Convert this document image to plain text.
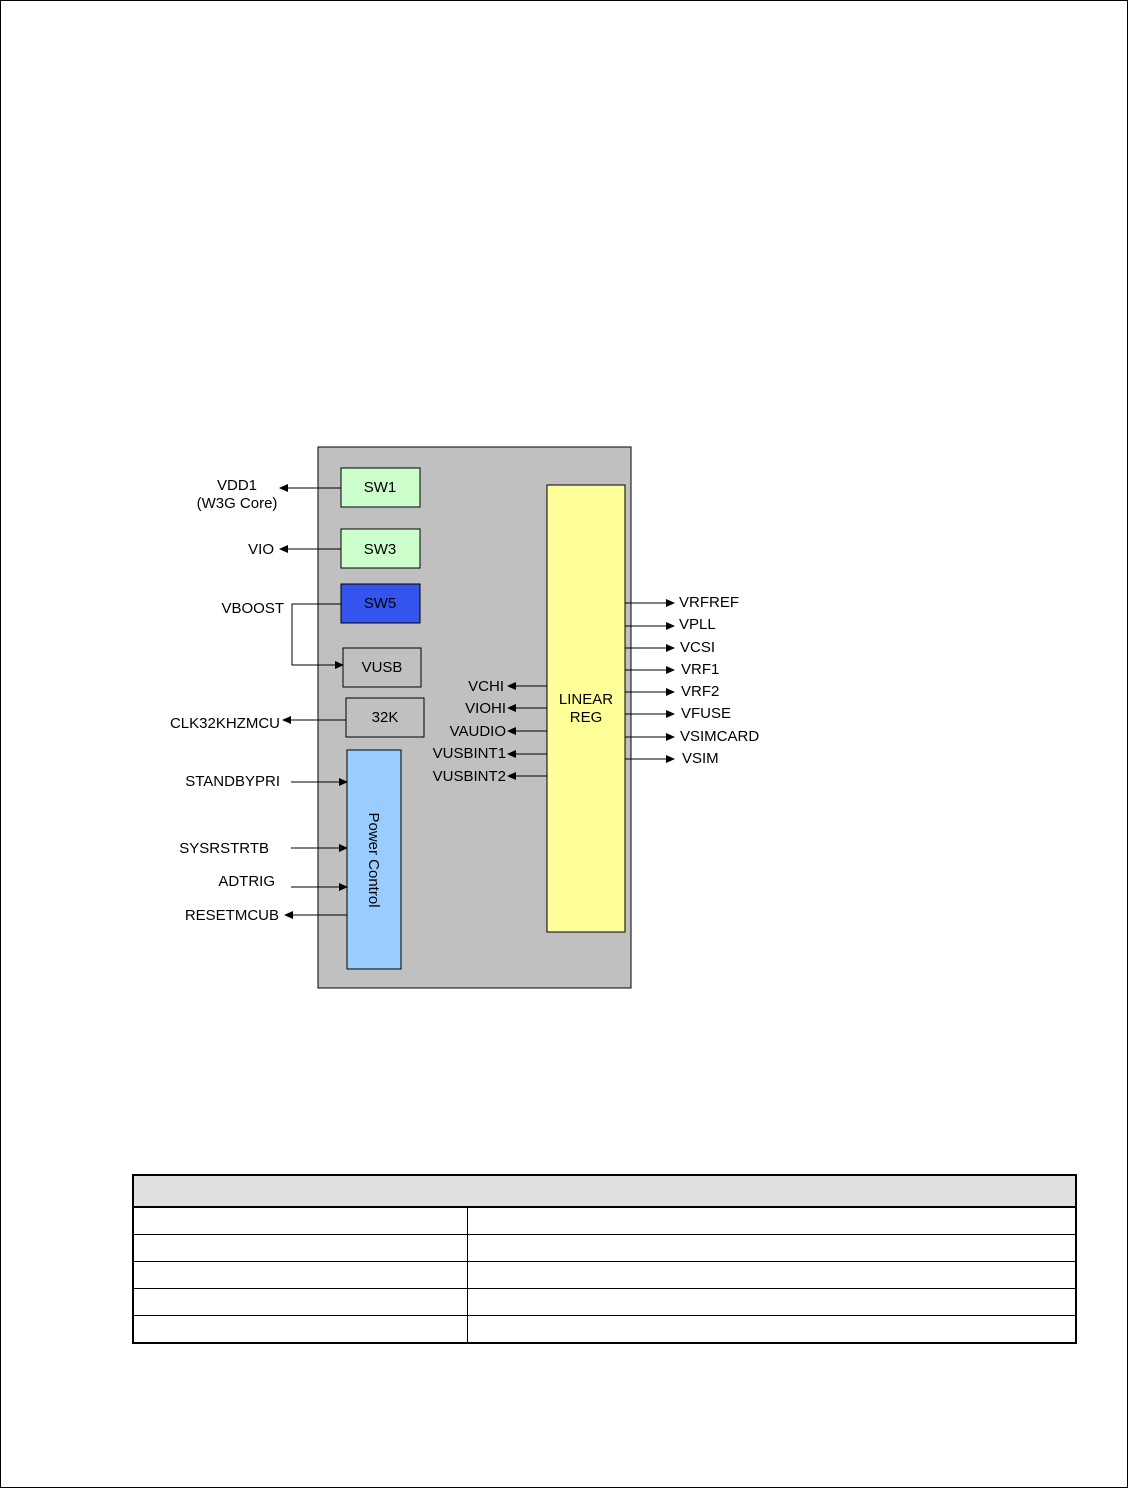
SW1
SW3
SW5
VUSB
32K
Power Control
LINEAR
REG
VDD1
(W3G Core)
VIO
VBOOST
CLK32KHZMCU
STANDBYPRI
SYSRSTRTB
ADTRIG
RESETMCUB
VCHI
VIOHI
VAUDIO
VUSBINT1
VUSBINT2
VRFREF
VPLL
VCSI
VRF1
VRF2
VFUSE
VSIMCARD
VSIM
